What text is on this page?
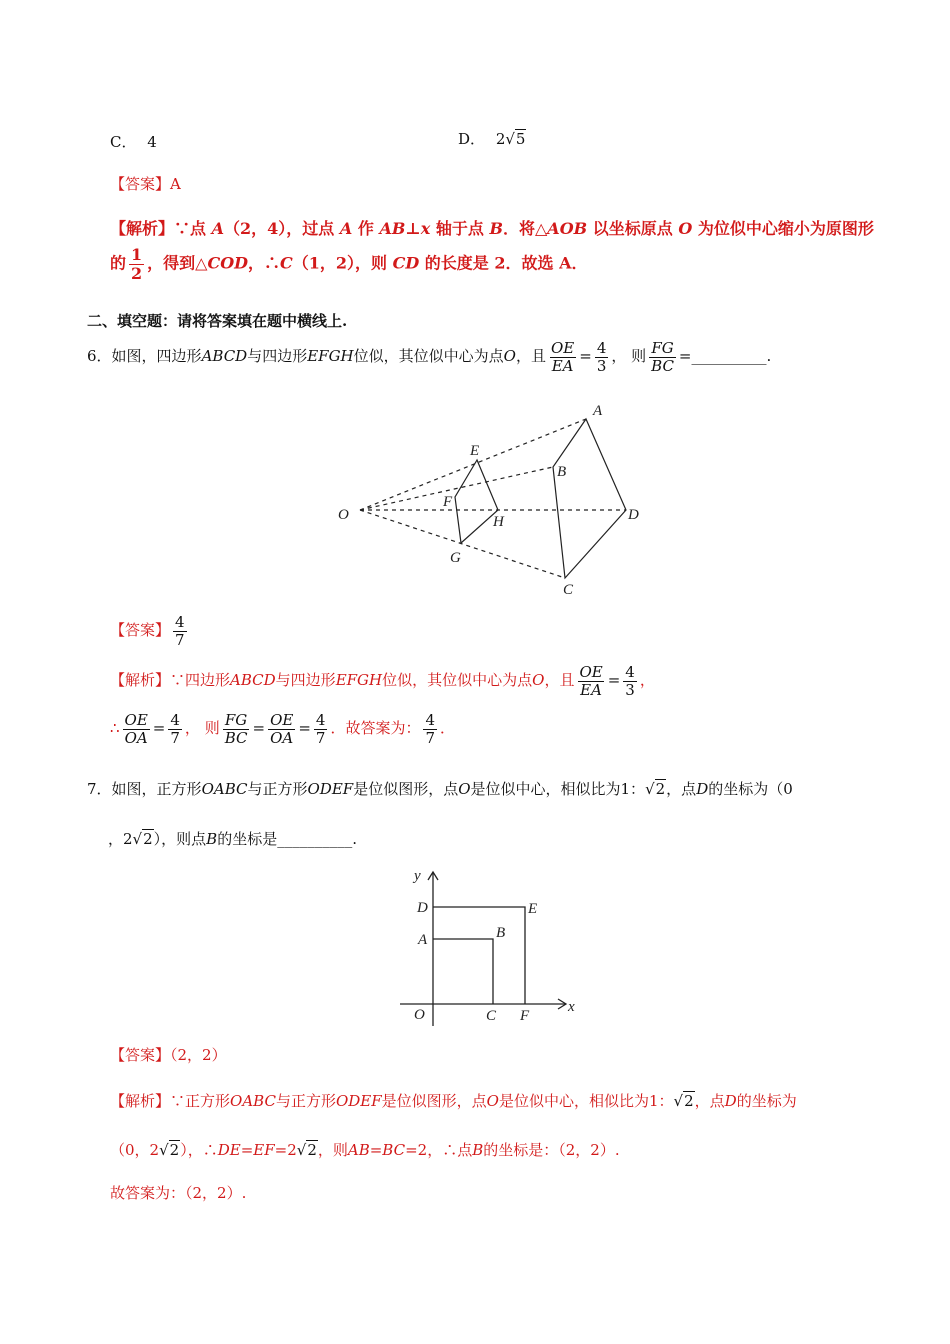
C． 4	D． 2√5
【答案】A
【解析】∵点 A（2，4），过点 A 作 AB⊥x 轴于点 B．将△AOB 以坐标原点 O 为位似中心缩小为原图形
的 $\frac{1}{2}$ ，得到△COD，∴C（1，2），则 CD 的长度是 2．故选 A．
二、填空题：请将答案填在题中横线上.
6．如图，四边形ABCD与四边形EFGH位似，其位似中心为点O，且 $\frac{OE}{EA} = \frac{4}{3}$ ， 则 $\frac{FG}{BC}$ =__________.
O
A
B
C
D
E
F
G
H
【答案】 $\frac{4}{7}$
【解析】∵四边形ABCD与四边形EFGH位似，其位似中心为点O，且 $\frac{OE}{EA} = \frac{4}{3}$ ，
∴ $\frac{OE}{OA} = \frac{4}{7}$ ， 则 $\frac{FG}{BC} = \frac{OE}{OA} = \frac{4}{7}$ ．故答案为： $\frac{4}{7}$ ．
7．如图，正方形OABC与正方形ODEF是位似图形，点O是位似中心，相似比为1：√2，点D的坐标为（0
，2√2），则点B的坐标是__________.
y
x
O
A	B
C
D	E
F
【答案】（2，2）
【解析】∵正方形OABC与正方形ODEF是位似图形，点O是位似中心，相似比为1：√2，点D的坐标为
（0，2√2），∴DE=EF=2√2，则AB=BC=2，∴点B的坐标是：（2，2）.
故答案为：（2，2）.
